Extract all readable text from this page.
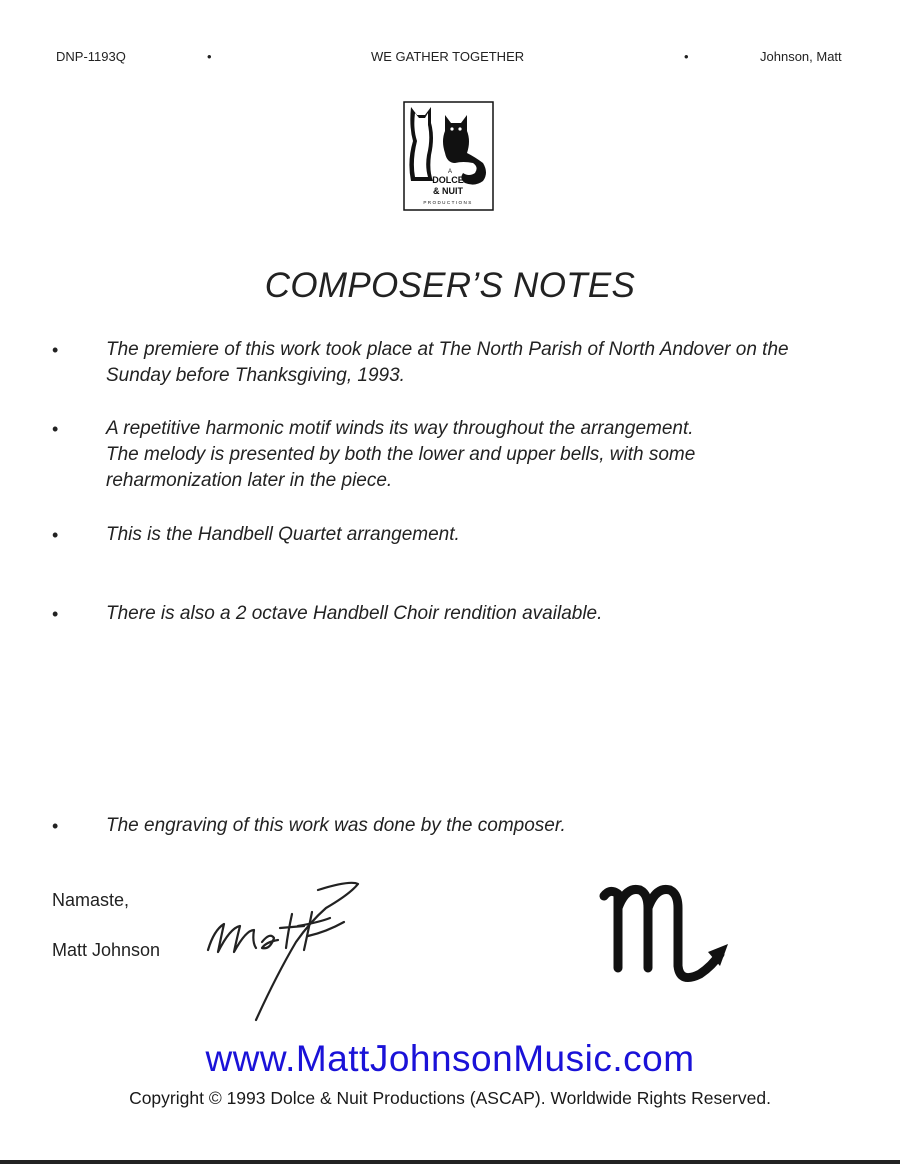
DNP-1193Q	•	WE GATHER TOGETHER	•	Johnson, Matt
A
DOLCE
& NUIT
PRODUCTIONS
COMPOSER’S NOTES
•	The premiere of this work took place at The North Parish of North Andover on the
Sunday before Thanksgiving, 1993.
•	A repetitive harmonic motif winds its way throughout the arrangement.
The melody is presented by both the lower and upper bells, with some
reharmonization later in the piece.
•	This is the Handbell Quartet arrangement.
•	There is also a 2 octave Handbell Choir rendition available.
•	The engraving of this work was done by the composer.
Namaste,
Matt Johnson
Matt
www.MattJohnsonMusic.com
Copyright © 1993 Dolce & Nuit Productions (ASCAP). Worldwide Rights Reserved.
